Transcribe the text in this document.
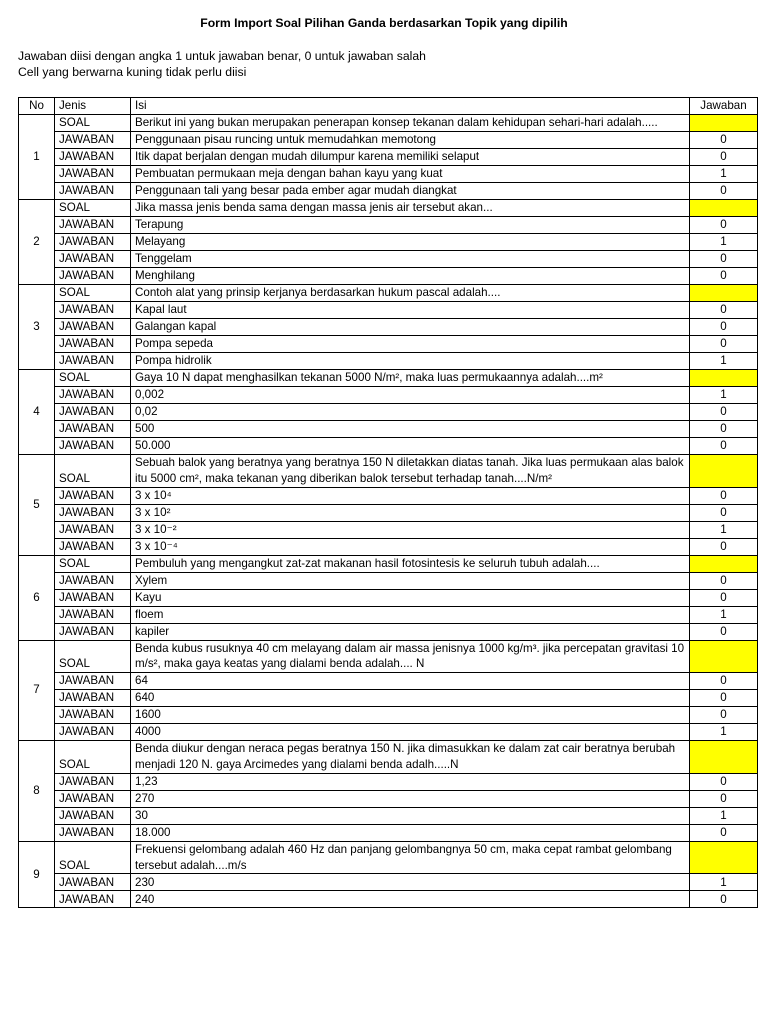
Form Import Soal Pilihan Ganda berdasarkan Topik yang dipilih
Jawaban diisi dengan angka 1 untuk jawaban benar, 0 untuk jawaban salah
Cell yang berwarna kuning tidak perlu diisi
No	Jenis	Isi	Jawaban
1	SOAL	Berikut ini yang bukan merupakan penerapan konsep tekanan dalam kehidupan sehari-hari adalah.....	
	JAWABAN	Penggunaan pisau runcing untuk memudahkan memotong	0
	JAWABAN	Itik dapat berjalan dengan mudah dilumpur karena memiliki selaput	0
	JAWABAN	Pembuatan permukaan meja dengan bahan kayu yang kuat	1
	JAWABAN	Penggunaan tali yang besar pada ember agar mudah diangkat	0
2	SOAL	Jika massa jenis benda sama dengan massa jenis air tersebut akan...	
	JAWABAN	Terapung	0
	JAWABAN	Melayang	1
	JAWABAN	Tenggelam	0
	JAWABAN	Menghilang	0
3	SOAL	Contoh alat yang prinsip kerjanya berdasarkan hukum pascal adalah....	
	JAWABAN	Kapal laut	0
	JAWABAN	Galangan kapal	0
	JAWABAN	Pompa sepeda	0
	JAWABAN	Pompa hidrolik	1
4	SOAL	Gaya 10 N dapat menghasilkan tekanan 5000 N/m², maka luas permukaannya adalah....m²	
	JAWABAN	0,002	1
	JAWABAN	0,02	0
	JAWABAN	500	0
	JAWABAN	50.000	0
5	SOAL	Sebuah balok yang beratnya yang beratnya 150 N diletakkan diatas tanah. Jika luas permukaan alas balok itu 5000 cm², maka tekanan yang diberikan balok tersebut terhadap tanah....N/m²	
	JAWABAN	3 x 10⁴	0
	JAWABAN	3 x 10²	0
	JAWABAN	3 x 10⁻²	1
	JAWABAN	3 x 10⁻⁴	0
6	SOAL	Pembuluh yang mengangkut zat-zat makanan hasil fotosintesis ke seluruh tubuh adalah....	
	JAWABAN	Xylem	0
	JAWABAN	Kayu	0
	JAWABAN	floem	1
	JAWABAN	kapiler	0
7	SOAL	Benda kubus rusuknya 40 cm melayang dalam air massa jenisnya 1000 kg/m³. jika percepatan gravitasi 10 m/s², maka gaya keatas yang dialami benda adalah.... N	
	JAWABAN	64	0
	JAWABAN	640	0
	JAWABAN	1600	0
	JAWABAN	4000	1
8	SOAL	Benda diukur dengan neraca pegas beratnya 150 N. jika dimasukkan ke dalam zat cair beratnya berubah menjadi 120 N. gaya Arcimedes yang dialami benda adalh.....N	
	JAWABAN	1,23	0
	JAWABAN	270	0
	JAWABAN	30	1
	JAWABAN	18.000	0
9	SOAL	Frekuensi gelombang adalah 460 Hz dan panjang gelombangnya 50 cm, maka cepat rambat gelombang tersebut adalah....m/s	
	JAWABAN	230	1
	JAWABAN	240	0
